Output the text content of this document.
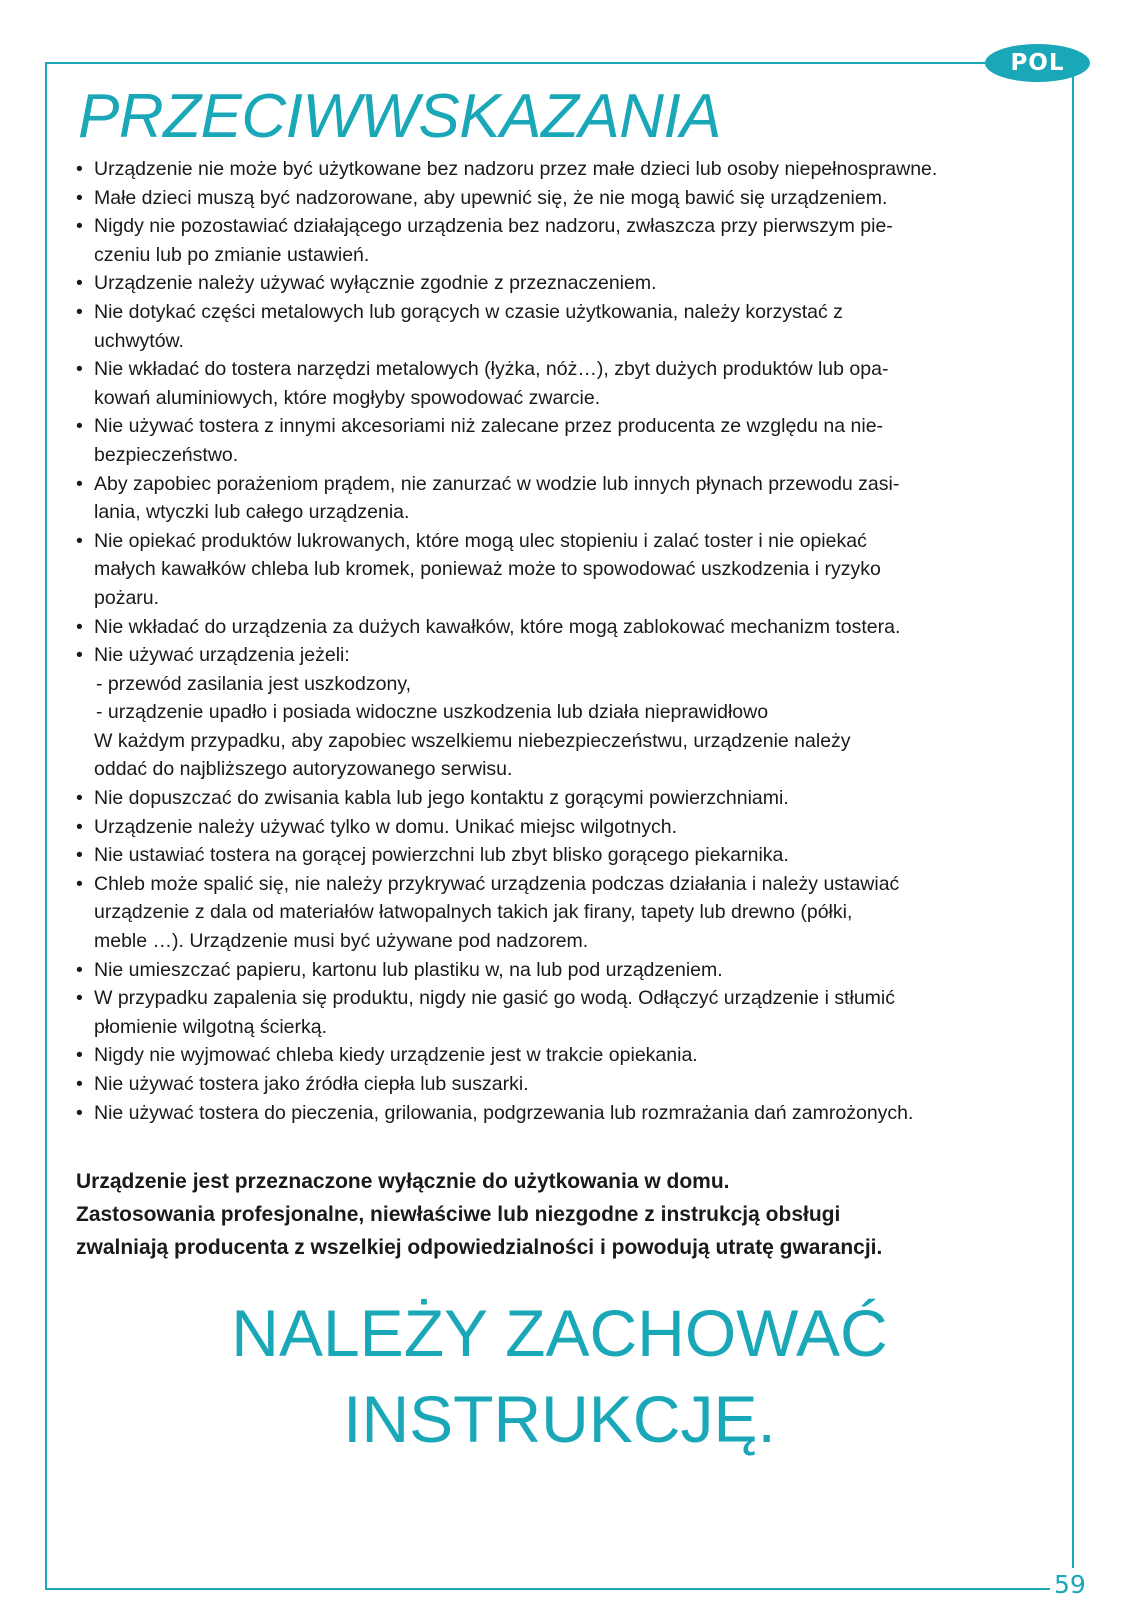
POL
PRZECIWWSKAZANIA
• Urządzenie nie może być użytkowane bez nadzoru przez małe dzieci lub osoby niepełnosprawne.
• Małe dzieci muszą być nadzorowane, aby upewnić się, że nie mogą bawić się urządzeniem.
• Nigdy nie pozostawiać działającego urządzenia bez nadzoru, zwłaszcza przy pierwszym pie-
czeniu lub po zmianie ustawień.
• Urządzenie należy używać wyłącznie zgodnie z przeznaczeniem.
• Nie dotykać części metalowych lub gorących w czasie użytkowania, należy korzystać z
uchwytów.
• Nie wkładać do tostera narzędzi metalowych (łyżka, nóż…), zbyt dużych produktów lub opa-
kowań aluminiowych, które mogłyby spowodować zwarcie.
• Nie używać tostera z innymi akcesoriami niż zalecane przez producenta ze względu na nie-
bezpieczeństwo.
• Aby zapobiec porażeniom prądem, nie zanurzać w wodzie lub innych płynach przewodu zasi-
lania, wtyczki lub całego urządzenia.
• Nie opiekać produktów lukrowanych, które mogą ulec stopieniu i zalać toster i nie opiekać
małych kawałków chleba lub kromek, ponieważ może to spowodować uszkodzenia i ryzyko
pożaru.
• Nie wkładać do urządzenia za dużych kawałków, które mogą zablokować mechanizm tostera.
• Nie używać urządzenia jeżeli:
- przewód zasilania jest uszkodzony,
- urządzenie upadło i posiada widoczne uszkodzenia lub działa nieprawidłowo
W każdym przypadku, aby zapobiec wszelkiemu niebezpieczeństwu, urządzenie należy
oddać do najbliższego autoryzowanego serwisu.
• Nie dopuszczać do zwisania kabla lub jego kontaktu z gorącymi powierzchniami.
• Urządzenie należy używać tylko w domu. Unikać miejsc wilgotnych.
• Nie ustawiać tostera na gorącej powierzchni lub zbyt blisko gorącego piekarnika.
• Chleb może spalić się, nie należy przykrywać urządzenia podczas działania i należy ustawiać
urządzenie z dala od materiałów łatwopalnych takich jak firany, tapety lub drewno (półki,
meble …). Urządzenie musi być używane pod nadzorem.
• Nie umieszczać papieru, kartonu lub plastiku w, na lub pod urządzeniem.
• W przypadku zapalenia się produktu, nigdy nie gasić go wodą. Odłączyć urządzenie i stłumić
płomienie wilgotną ścierką.
• Nigdy nie wyjmować chleba kiedy urządzenie jest w trakcie opiekania.
• Nie używać tostera jako źródła ciepła lub suszarki.
• Nie używać tostera do pieczenia, grilowania, podgrzewania lub rozmrażania dań zamrożonych.
Urządzenie jest przeznaczone wyłącznie do użytkowania w domu.
Zastosowania profesjonalne, niewłaściwe lub niezgodne z instrukcją obsługi
zwalniają producenta z wszelkiej odpowiedzialności i powodują utratę gwarancji.
NALEŻY ZACHOWAĆ
INSTRUKCJĘ.
59
